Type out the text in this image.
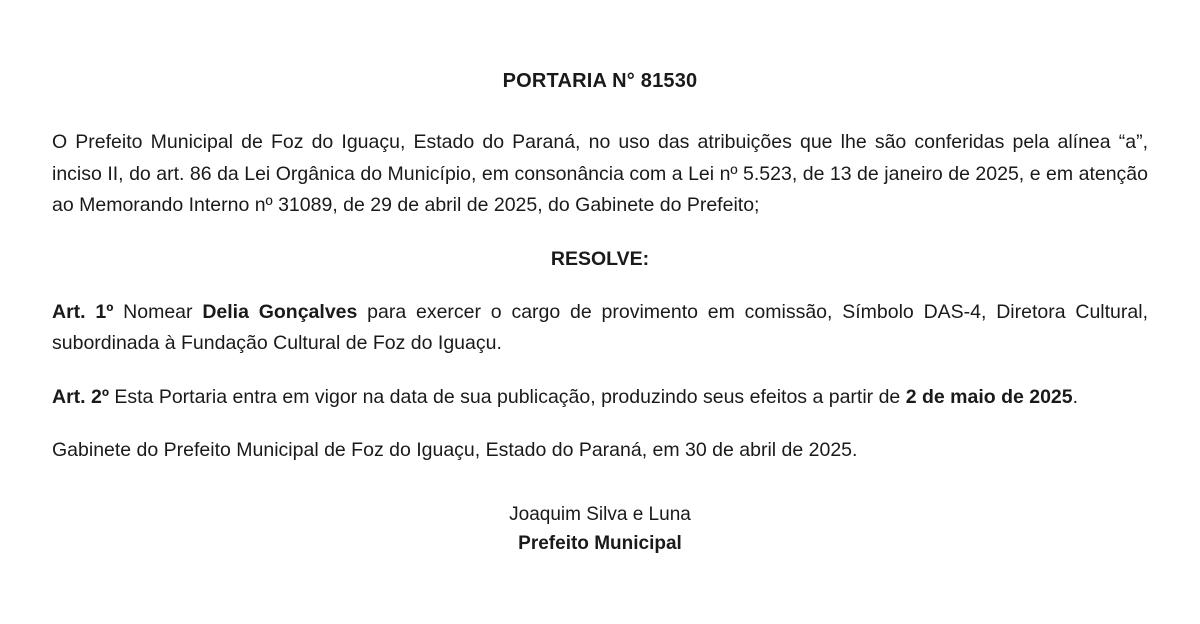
PORTARIA N° 81530

O Prefeito Municipal de Foz do Iguaçu, Estado do Paraná, no uso das atribuições que lhe são conferidas pela alínea “a”, inciso II, do art. 86 da Lei Orgânica do Município, em consonância com a Lei nº 5.523, de 13 de janeiro de 2025, e em atenção ao Memorando Interno nº 31089, de 29 de abril de 2025, do Gabinete do Prefeito;

RESOLVE:

Art. 1º Nomear Delia Gonçalves para exercer o cargo de provimento em comissão, Símbolo DAS-4, Diretora Cultural, subordinada à Fundação Cultural de Foz do Iguaçu.

Art. 2º Esta Portaria entra em vigor na data de sua publicação, produzindo seus efeitos a partir de 2 de maio de 2025.

Gabinete do Prefeito Municipal de Foz do Iguaçu, Estado do Paraná, em 30 de abril de 2025.

Joaquim Silva e Luna
Prefeito Municipal
